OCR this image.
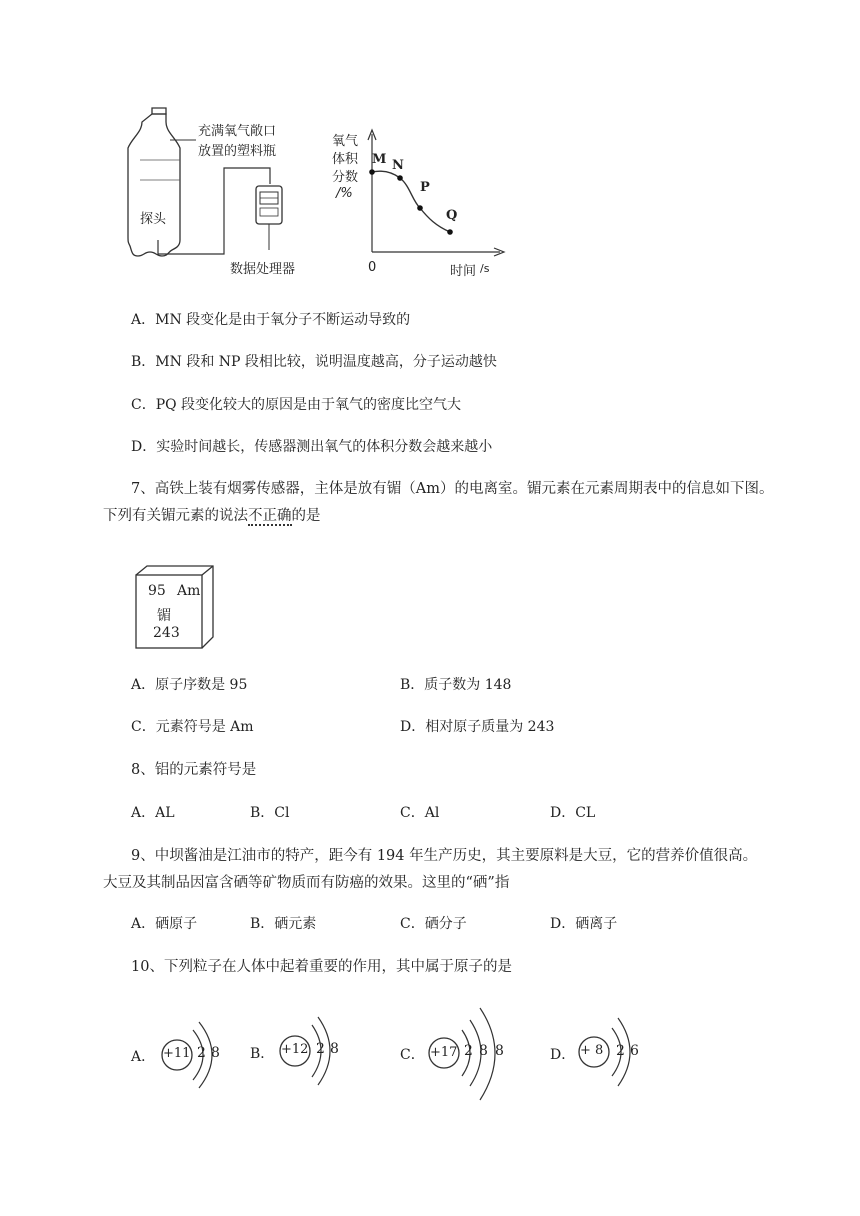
充满氧气敞口
放置的塑料瓶
探头
数据处理器
氧气
体积
分数
/%
0	时间 /s
M N
P
Q
A．MN 段变化是由于氧分子不断运动导致的
B．MN 段和 NP 段相比较，说明温度越高，分子运动越快
C．PQ 段变化较大的原因是由于氧气的密度比空气大
D．实验时间越长，传感器测出氧气的体积分数会越来越小
7、高铁上装有烟雾传感器，主体是放有镅（Am）的电离室。镅元素在元素周期表中的信息如下图。
下列有关镅元素的说法不正确的是
95 Am
镅
243
A．原子序数是 95	B．质子数为 148
C．元素符号是 Am	D．相对原子质量为 243
8、铝的元素符号是
A．AL	B．Cl	C．Al	D．CL
9、中坝酱油是江油市的特产，距今有 194 年生产历史，其主要原料是大豆，它的营养价值很高。
大豆及其制品因富含硒等矿物质而有防癌的效果。这里的“硒”指
A．硒原子	B．硒元素	C．硒分子	D．硒离子
10、下列粒子在人体中起着重要的作用，其中属于原子的是
A． +11 2 8 B． +12 2 8	C． +17 2 8 8	D． + 8 2 6
